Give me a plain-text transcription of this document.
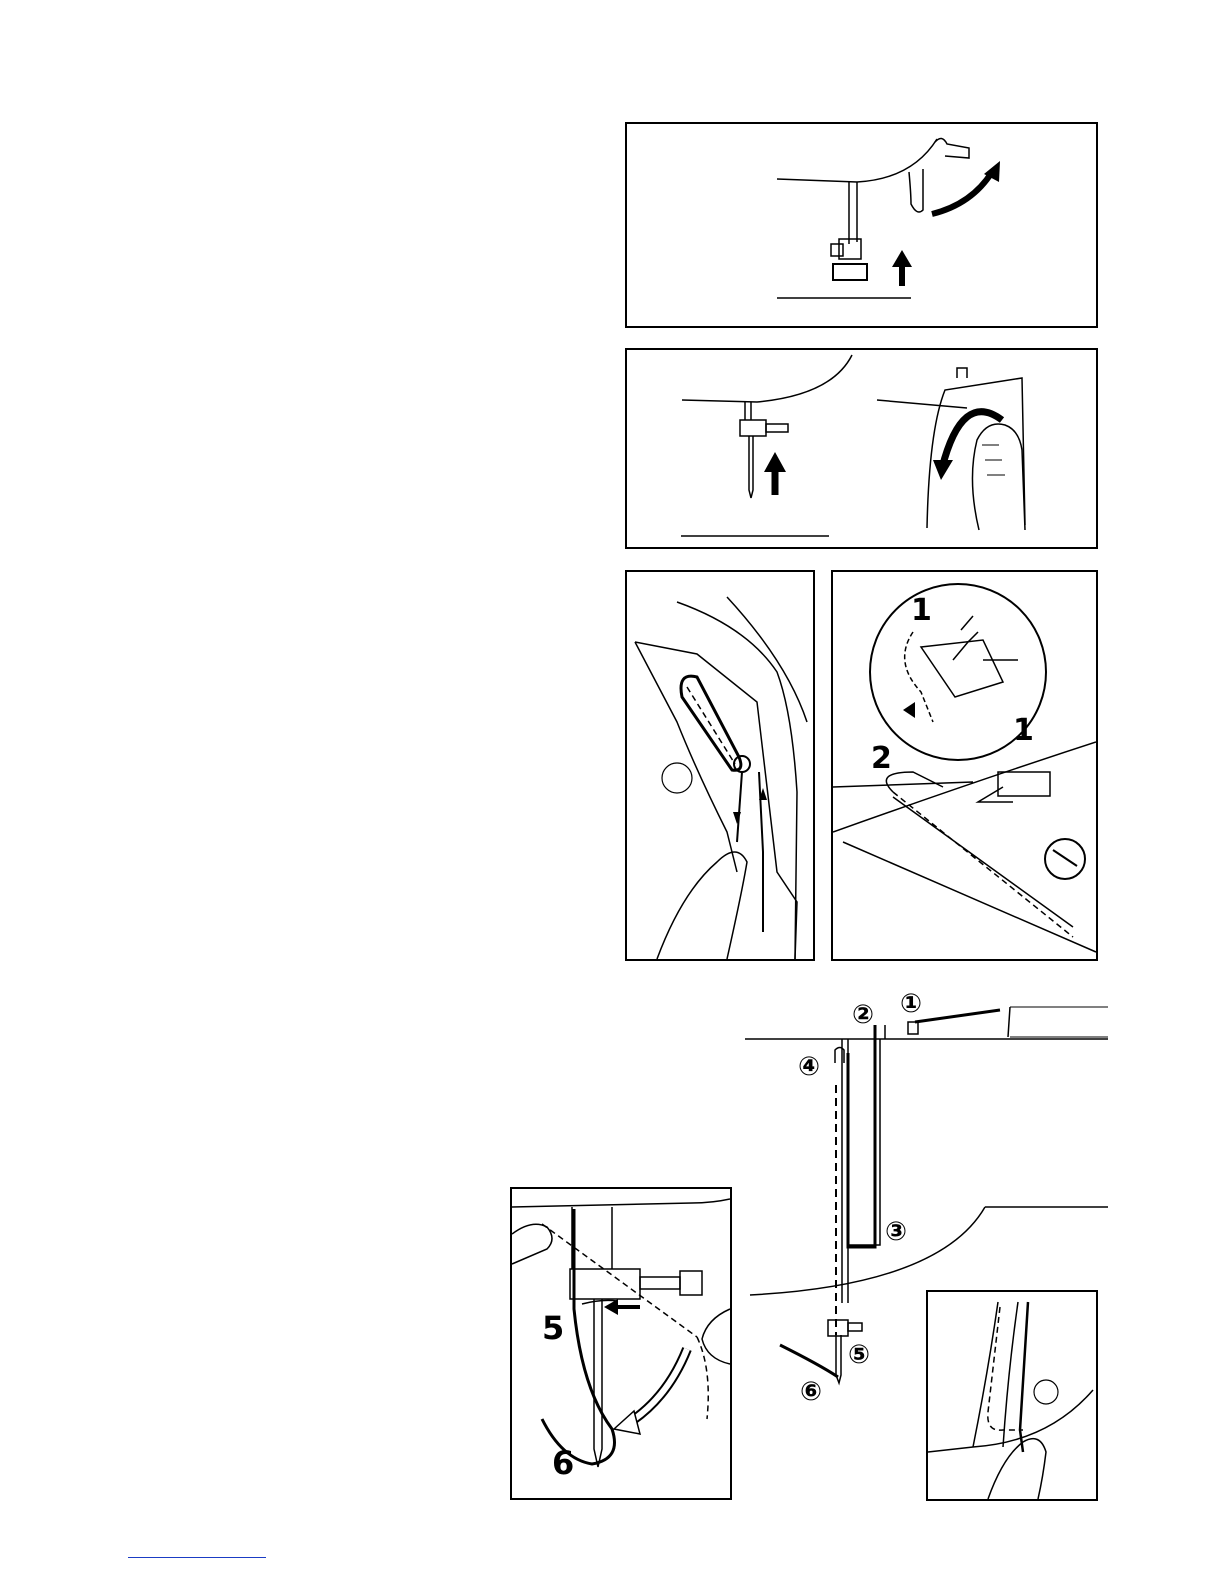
1
2
1
①
②
③
④
⑤
⑥
5
6
